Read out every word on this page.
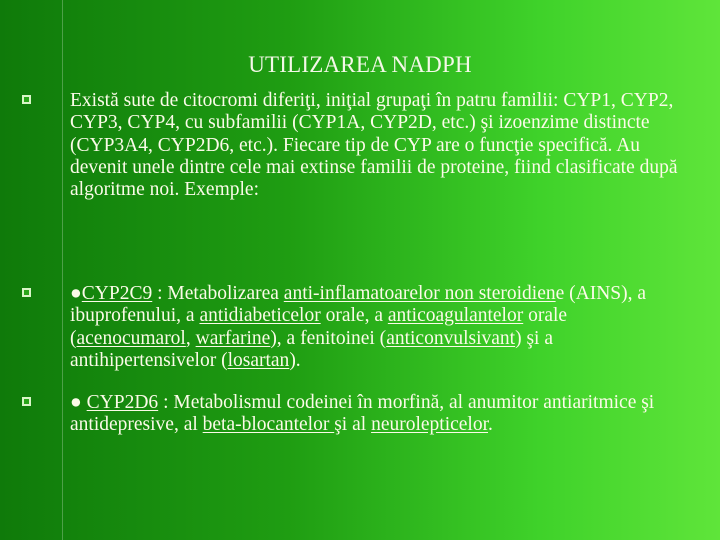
UTILIZAREA NADPH
Există sute de citocromi diferiţi, iniţial grupaţi în patru familii: CYP1, CYP2, CYP3, CYP4, cu subfamilii (CYP1A, CYP2D, etc.) şi izoenzime distincte (CYP3A4, CYP2D6, etc.). Fiecare tip de CYP are o funcţie specifică. Au devenit unele dintre cele mai extinse familii de proteine, fiind clasificate după algoritme noi. Exemple:
●CYP2C9 : Metabolizarea anti-inflamatoarelor non steroidiene (AINS), a ibuprofenului, a antidiabeticelor orale, a anticoagulantelor orale (acenocumarol, warfarine), a fenitoinei (anticonvulsivant) şi a antihipertensivelor (losartan).
● CYP2D6 : Metabolismul codeinei în morfină, al anumitor antiaritmice şi antidepresive, al beta-blocantelor şi al neurolepticelor.
